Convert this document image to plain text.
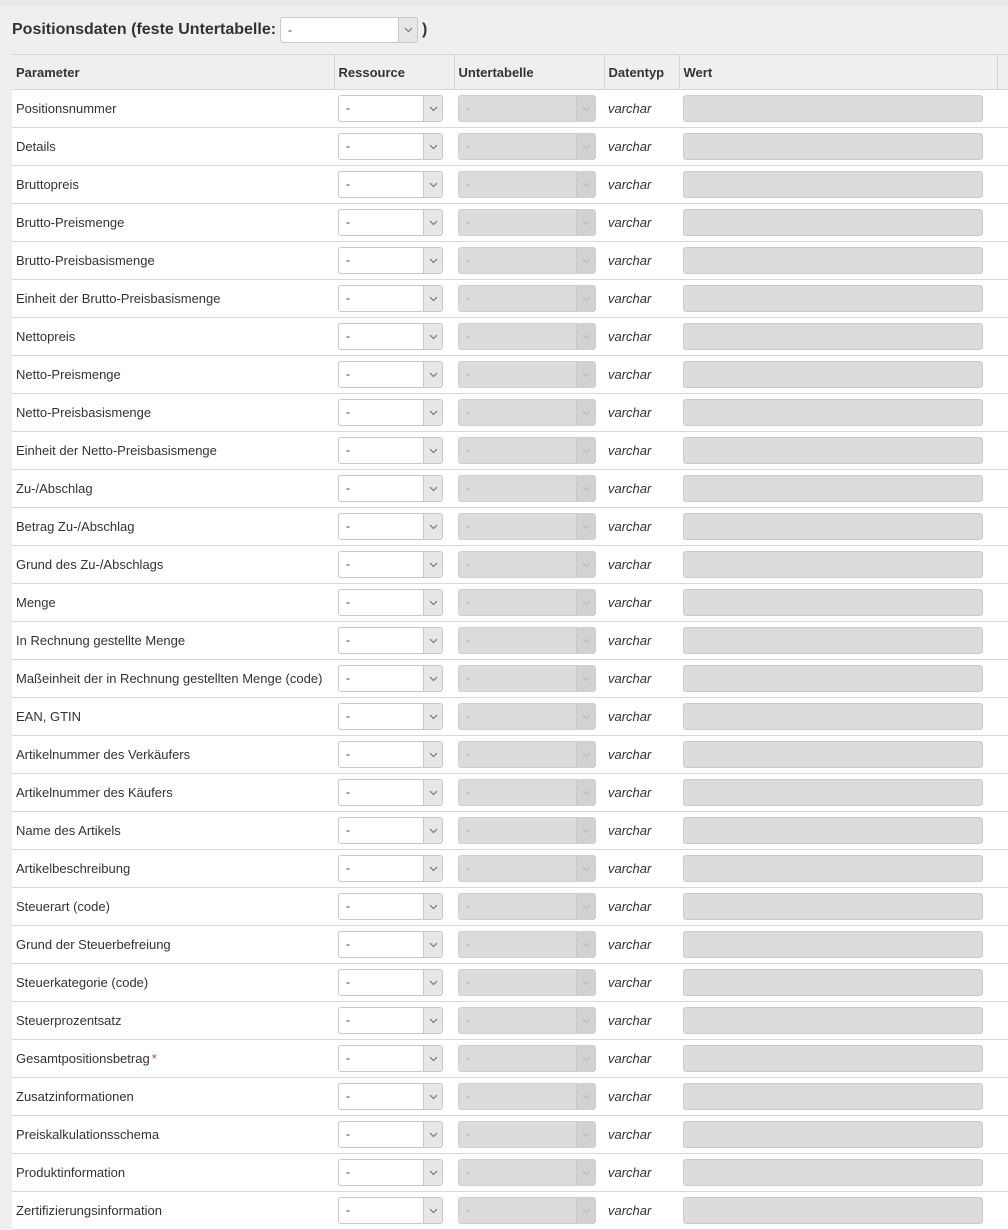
Positionsdaten (feste Untertabelle:	-	)
Parameter	Ressource	Untertabelle	Datentyp	Wert	
Positionsnummer	-	-	varchar	

Details	-	-	varchar	

Bruttopreis	-	-	varchar	

Brutto-Preismenge	-	-	varchar	

Brutto-Preisbasismenge	-	-	varchar	

Einheit der Brutto-Preisbasismenge	-	-	varchar	

Nettopreis	-	-	varchar	

Netto-Preismenge	-	-	varchar	

Netto-Preisbasismenge	-	-	varchar	

Einheit der Netto-Preisbasismenge	-	-	varchar	

Zu-/Abschlag	-	-	varchar	

Betrag Zu-/Abschlag	-	-	varchar	

Grund des Zu-/Abschlags	-	-	varchar	

Menge	-	-	varchar	

In Rechnung gestellte Menge	-	-	varchar	

Maßeinheit der in Rechnung gestellten Menge (code)	-	-	varchar	

EAN, GTIN	-	-	varchar	

Artikelnummer des Verkäufers	-	-	varchar	

Artikelnummer des Käufers	-	-	varchar	

Name des Artikels	-	-	varchar	

Artikelbeschreibung	-	-	varchar	

Steuerart (code)	-	-	varchar	

Grund der Steuerbefreiung	-	-	varchar	

Steuerkategorie (code)	-	-	varchar	

Steuerprozentsatz	-	-	varchar	

Gesamtpositionsbetrag *	-	-	varchar	

Zusatzinformationen	-	-	varchar	

Preiskalkulationsschema	-	-	varchar	

Produktinformation	-	-	varchar	

Zertifizierungsinformation	-	-	varchar	
